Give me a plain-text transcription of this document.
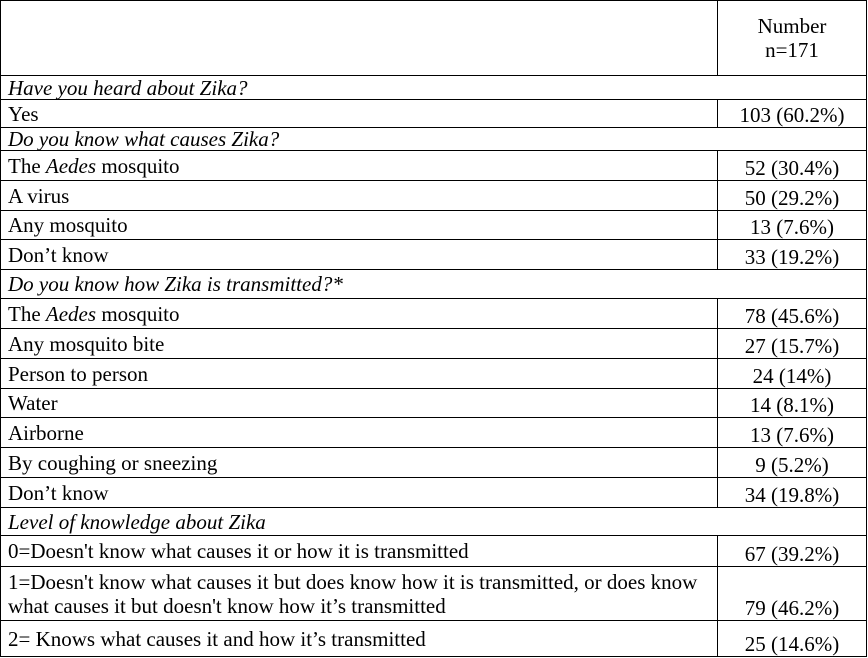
Number
n=171
Have you heard about Zika?
Yes	103 (60.2%)
Do you know what causes Zika?
The Aedes mosquito	52 (30.4%)
A virus	50 (29.2%)
Any mosquito	13 (7.6%)
Don’t know	33 (19.2%)
Do you know how Zika is transmitted?*
The Aedes mosquito	78 (45.6%)
Any mosquito bite	27 (15.7%)
Person to person	24 (14%)
Water	14 (8.1%)
Airborne	13 (7.6%)
By coughing or sneezing	9 (5.2%)
Don’t know	34 (19.8%)
Level of knowledge about Zika
0=Doesn't know what causes it or how it is transmitted	67 (39.2%)
1=Doesn't know what causes it but does know how it is transmitted, or does know what causes it but doesn't know how it’s transmitted	79 (46.2%)
2= Knows what causes it and how it’s transmitted	25 (14.6%)
